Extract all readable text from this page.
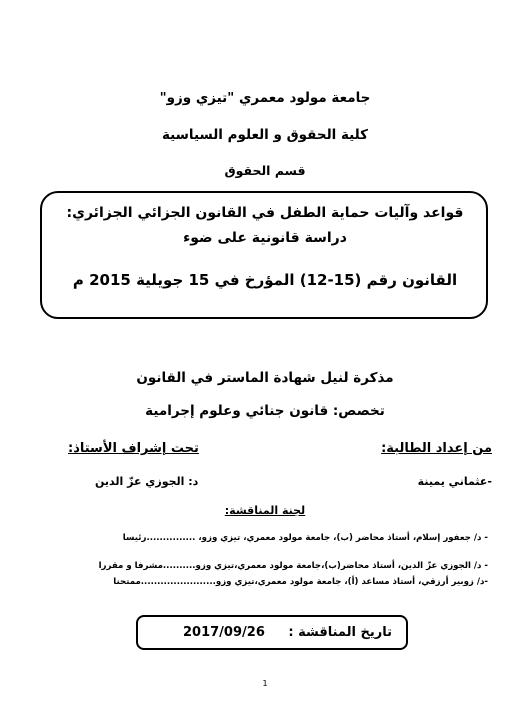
جامعة مولود معمري "تيزي وزو"
كلية الحقوق و العلوم السياسية
قسم الحقوق
قواعد وآليات حماية الطفل في القانون الجزائي الجزائري:
دراسة قانونية على ضوء
القانون رقم (15-12) المؤرخ في 15 جويلية 2015 م
مذكرة لنيل شهادة الماستر في القانون
تخصص: قانون جنائي وعلوم إجرامية
من إعداد الطالبة:
تحت إشراف الأستاذ:
-عثماني يمينة
د: الجوزي عزّ الدين
لجنة المناقشة:
- د/ جعفور إسلام، أستاذ محاضر (ب)، جامعة مولود معمري، تيزي وزو، ...............رئيسا
- د/ الجوزي عزّ الدين، أستاذ محاضر(ب)،جامعة مولود معمري،تيزي وزو..........مشرفا و مقررا
-د/ زوبير أرزقي، أستاذ مساعد (أ)، جامعة مولود معمري،تيزي وزو.......................ممتحنا
تاريخ المناقشة :
2017/09/26
1
